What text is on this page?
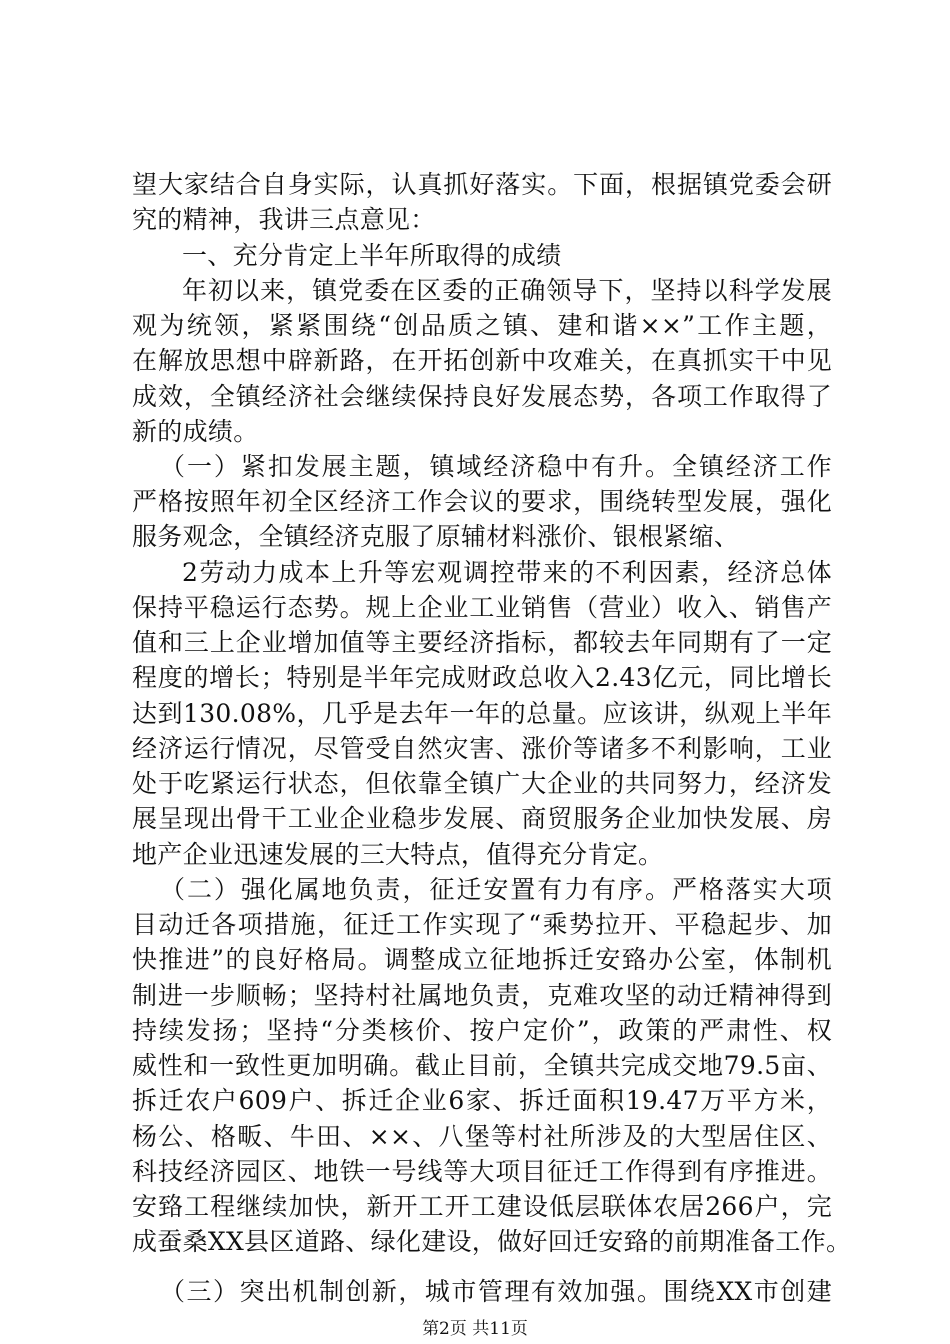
望大家结合自身实际，认真抓好落实。下面，根据镇党委会研
究的精神，我讲三点意见：
一、充分肯定上半年所取得的成绩
年初以来，镇党委在区委的正确领导下，坚持以科学发展
观为统领，紧紧围绕“创品质之镇、建和谐××”工作主题，
在解放思想中辟新路，在开拓创新中攻难关，在真抓实干中见
成效，全镇经济社会继续保持良好发展态势，各项工作取得了
新的成绩。
（一）紧扣发展主题，镇域经济稳中有升。全镇经济工作
严格按照年初全区经济工作会议的要求，围绕转型发展，强化
服务观念，全镇经济克服了原辅材料涨价、银根紧缩、
2劳动力成本上升等宏观调控带来的不利因素，经济总体
保持平稳运行态势。规上企业工业销售（营业）收入、销售产
值和三上企业增加值等主要经济指标，都较去年同期有了一定
程度的增长；特别是半年完成财政总收入2.43亿元，同比增长
达到130.08%，几乎是去年一年的总量。应该讲，纵观上半年
经济运行情况，尽管受自然灾害、涨价等诸多不利影响，工业
处于吃紧运行状态，但依靠全镇广大企业的共同努力，经济发
展呈现出骨干工业企业稳步发展、商贸服务企业加快发展、房
地产企业迅速发展的三大特点，值得充分肯定。
（二）强化属地负责，征迁安置有力有序。严格落实大项
目动迁各项措施，征迁工作实现了“乘势拉开、平稳起步、加
快推进”的良好格局。调整成立征地拆迁安臵办公室，体制机
制进一步顺畅；坚持村社属地负责，克难攻坚的动迁精神得到
持续发扬；坚持“分类核价、按户定价”，政策的严肃性、权
威性和一致性更加明确。截止目前，全镇共完成交地79.5亩、
拆迁农户609户、拆迁企业6家、拆迁面积19.47万平方米，
杨公、格畈、牛田、××、八堡等村社所涉及的大型居住区、
科技经济园区、地铁一号线等大项目征迁工作得到有序推进。
安臵工程继续加快，新开工开工建设低层联体农居266户，完
成蚕桑XX县区道路、绿化建设，做好回迁安臵的前期准备工作。
（三）突出机制创新，城市管理有效加强。围绕XX市创建
第2页 共11页
